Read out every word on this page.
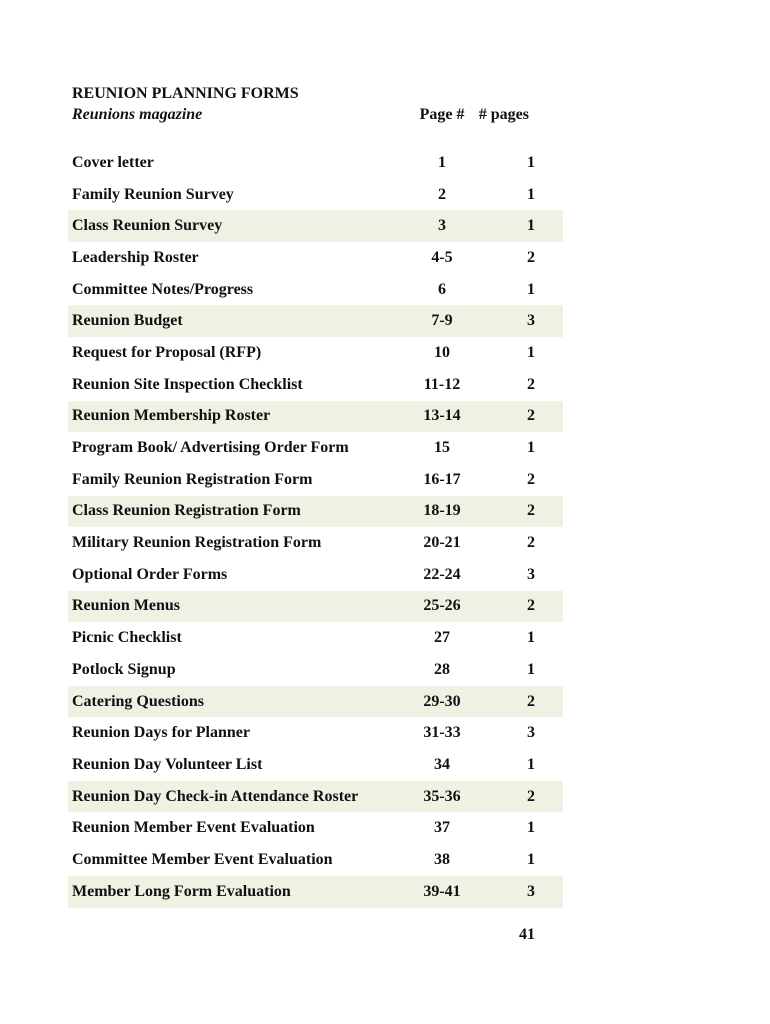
REUNION PLANNING FORMS
Reunions magazine	Page # # pages
Cover letter	1	1
Family Reunion Survey	2	1
Class Reunion Survey	3	1
Leadership Roster	4-5	2
Committee Notes/Progress	6	1
Reunion Budget	7-9	3
Request for Proposal (RFP)	10	1
Reunion Site Inspection Checklist	11-12	2
Reunion Membership Roster	13-14	2
Program Book/ Advertising Order Form	15	1
Family Reunion Registration Form	16-17	2
Class Reunion Registration Form	18-19	2
Military Reunion Registration Form	20-21	2
Optional Order Forms	22-24	3
Reunion Menus	25-26	2
Picnic Checklist	27	1
Potlock Signup	28	1
Catering Questions	29-30	2
Reunion Days for Planner	31-33	3
Reunion Day Volunteer List	34	1
Reunion Day Check-in Attendance Roster	35-36	2
Reunion Member Event Evaluation	37	1
Committee Member Event Evaluation	38	1
Member Long Form Evaluation	39-41	3
41
